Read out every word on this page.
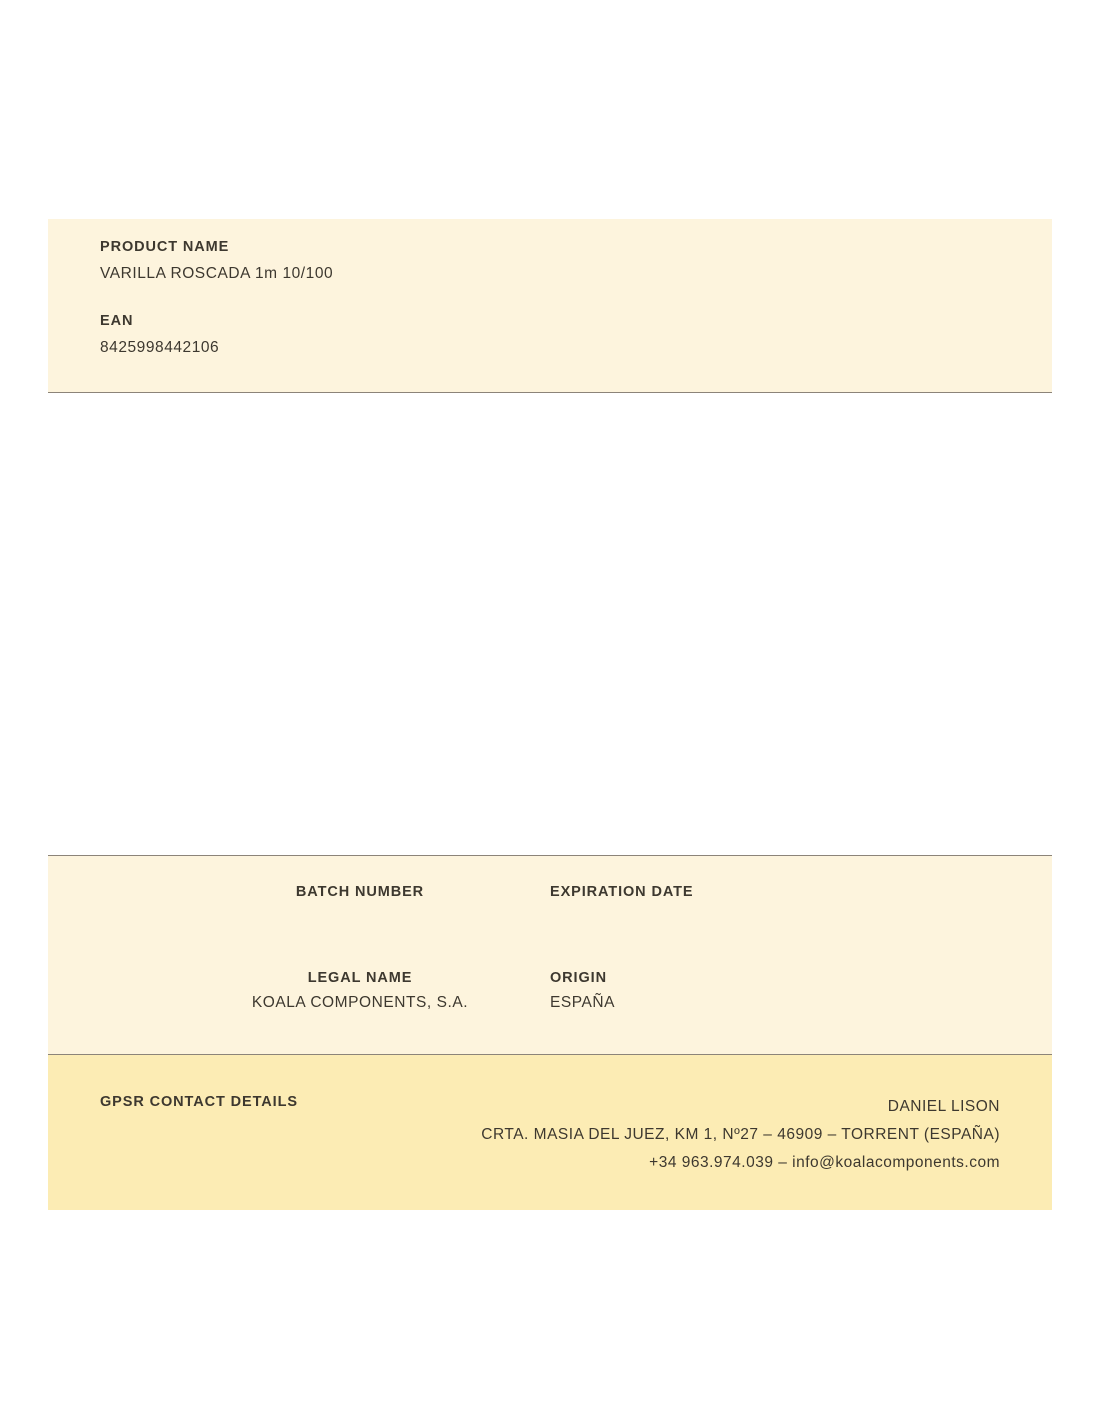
PRODUCT NAME
VARILLA ROSCADA 1m 10/100
EAN
8425998442106
BATCH NUMBER	EXPIRATION DATE
LEGAL NAME
KOALA COMPONENTS, S.A.
ORIGIN
ESPAÑA
GPSR CONTACT DETAILS	DANIEL LISON
CRTA. MASIA DEL JUEZ, KM 1, Nº27 – 46909 – TORRENT (ESPAÑA)
+34 963.974.039 – info@koalacomponents.com
